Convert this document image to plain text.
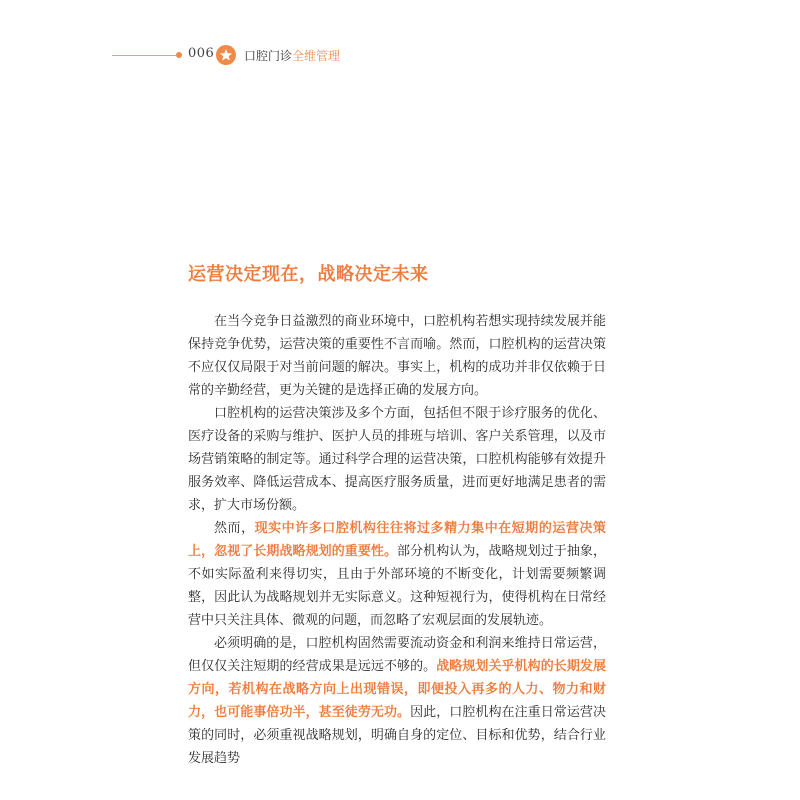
006 口腔门诊全维管理
运营决定现在，战略决定未来

在当今竞争日益激烈的商业环境中，口腔机构若想实现持续发展并能保持竞争优势，运营决策的重要性不言而喻。然而，口腔机构的运营决策不应仅仅局限于对当前问题的解决。事实上，机构的成功并非仅依赖于日常的辛勤经营，更为关键的是选择正确的发展方向。

口腔机构的运营决策涉及多个方面，包括但不限于诊疗服务的优化、医疗设备的采购与维护、医护人员的排班与培训、客户关系管理，以及市场营销策略的制定等。通过科学合理的运营决策，口腔机构能够有效提升服务效率、降低运营成本、提高医疗服务质量，进而更好地满足患者的需求，扩大市场份额。

然而，现实中许多口腔机构往往将过多精力集中在短期的运营决策上，忽视了长期战略规划的重要性。部分机构认为，战略规划过于抽象，不如实际盈利来得切实，且由于外部环境的不断变化，计划需要频繁调整，因此认为战略规划并无实际意义。这种短视行为，使得机构在日常经营中只关注具体、微观的问题，而忽略了宏观层面的发展轨迹。

必须明确的是，口腔机构固然需要流动资金和利润来维持日常运营，但仅仅关注短期的经营成果是远远不够的。战略规划关乎机构的长期发展方向，若机构在战略方向上出现错误，即便投入再多的人力、物力和财力，也可能事倍功半，甚至徒劳无功。因此，口腔机构在注重日常运营决策的同时，必须重视战略规划，明确自身的定位、目标和优势，结合行业发展趋势
